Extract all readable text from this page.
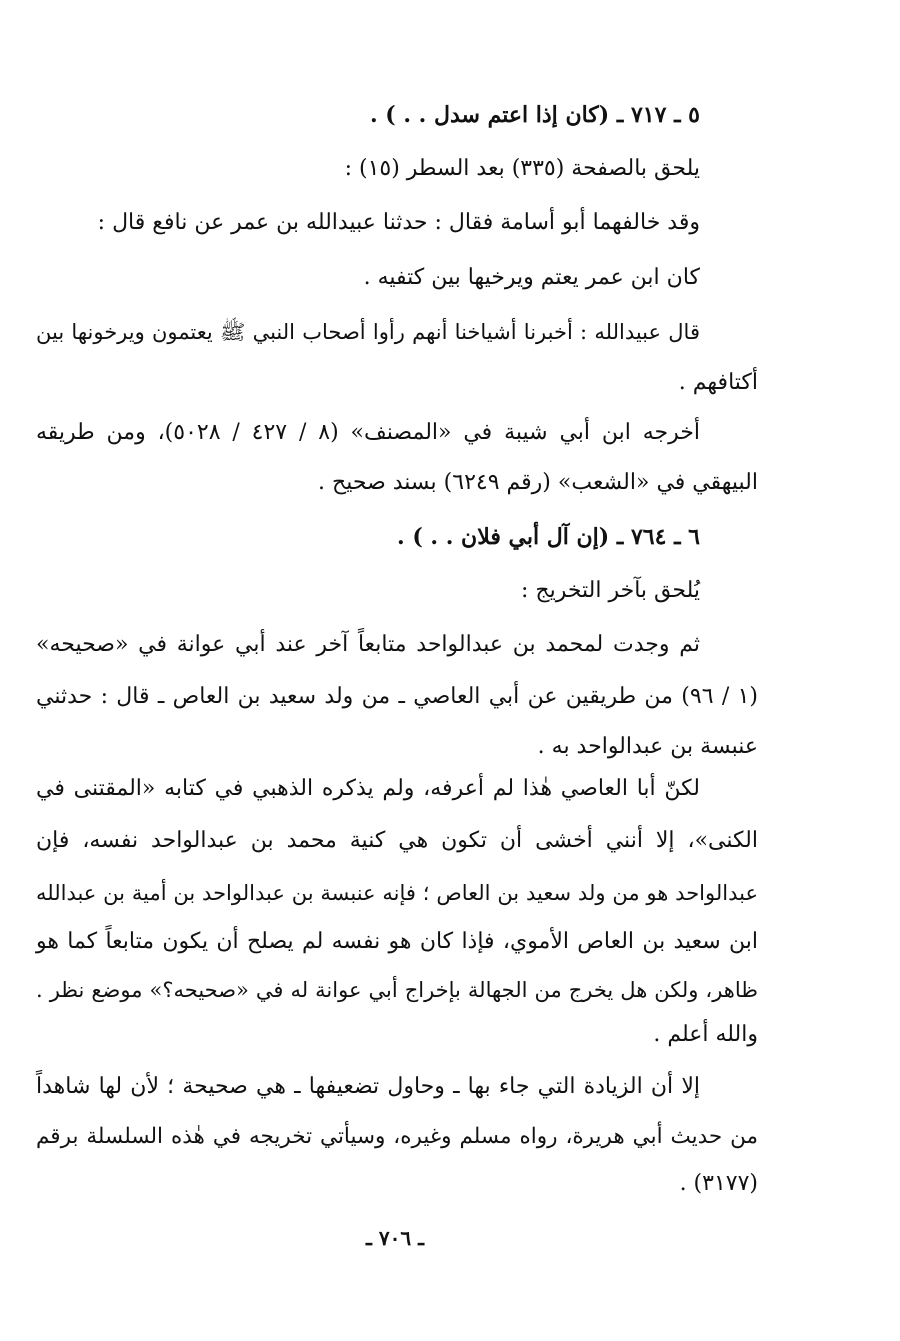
٥ ـ ٧١٧ ـ (كان إذا اعتم سدل . . ) .
يلحق بالصفحة (٣٣٥) بعد السطر (١٥) :
وقد خالفهما أبو أسامة فقال : حدثنا عبيدالله بن عمر عن نافع قال :
كان ابن عمر يعتم ويرخيها بين كتفيه .
قال عبيدالله : أخبرنا أشياخنا أنهم رأوا أصحاب النبي ﷺ يعتمون ويرخونها بين
أكتافهم .
أخرجه ابن أبي شيبة في «المصنف» (٨ / ٤٢٧ / ٥٠٢٨)، ومن طريقه
البيهقي في «الشعب» (رقم ٦٢٤٩) بسند صحيح .
٦ ـ ٧٦٤ ـ (إن آل أبي فلان . . ) .
يُلحق بآخر التخريج :
ثم وجدت لمحمد بن عبدالواحد متابعاً آخر عند أبي عوانة في «صحيحه»
(١ / ٩٦) من طريقين عن أبي العاصي ـ من ولد سعيد بن العاص ـ قال : حدثني
عنبسة بن عبدالواحد به .
لكنّ أبا العاصي هٰذا لم أعرفه، ولم يذكره الذهبي في كتابه «المقتنى في
الكنى»، إلا أنني أخشى أن تكون هي كنية محمد بن عبدالواحد نفسه، فإن
عبدالواحد هو من ولد سعيد بن العاص ؛ فإنه عنبسة بن عبدالواحد بن أمية بن عبدالله
ابن سعيد بن العاص الأموي، فإذا كان هو نفسه لم يصلح أن يكون متابعاً كما هو
ظاهر، ولكن هل يخرج من الجهالة بإخراج أبي عوانة له في «صحيحه؟» موضع نظر .
والله أعلم .
إلا أن الزيادة التي جاء بها ـ وحاول تضعيفها ـ هي صحيحة ؛ لأن لها شاهداً
من حديث أبي هريرة، رواه مسلم وغيره، وسيأتي تخريجه في هٰذه السلسلة برقم
(٣١٧٧) .
ـ ٧٠٦ ـ
